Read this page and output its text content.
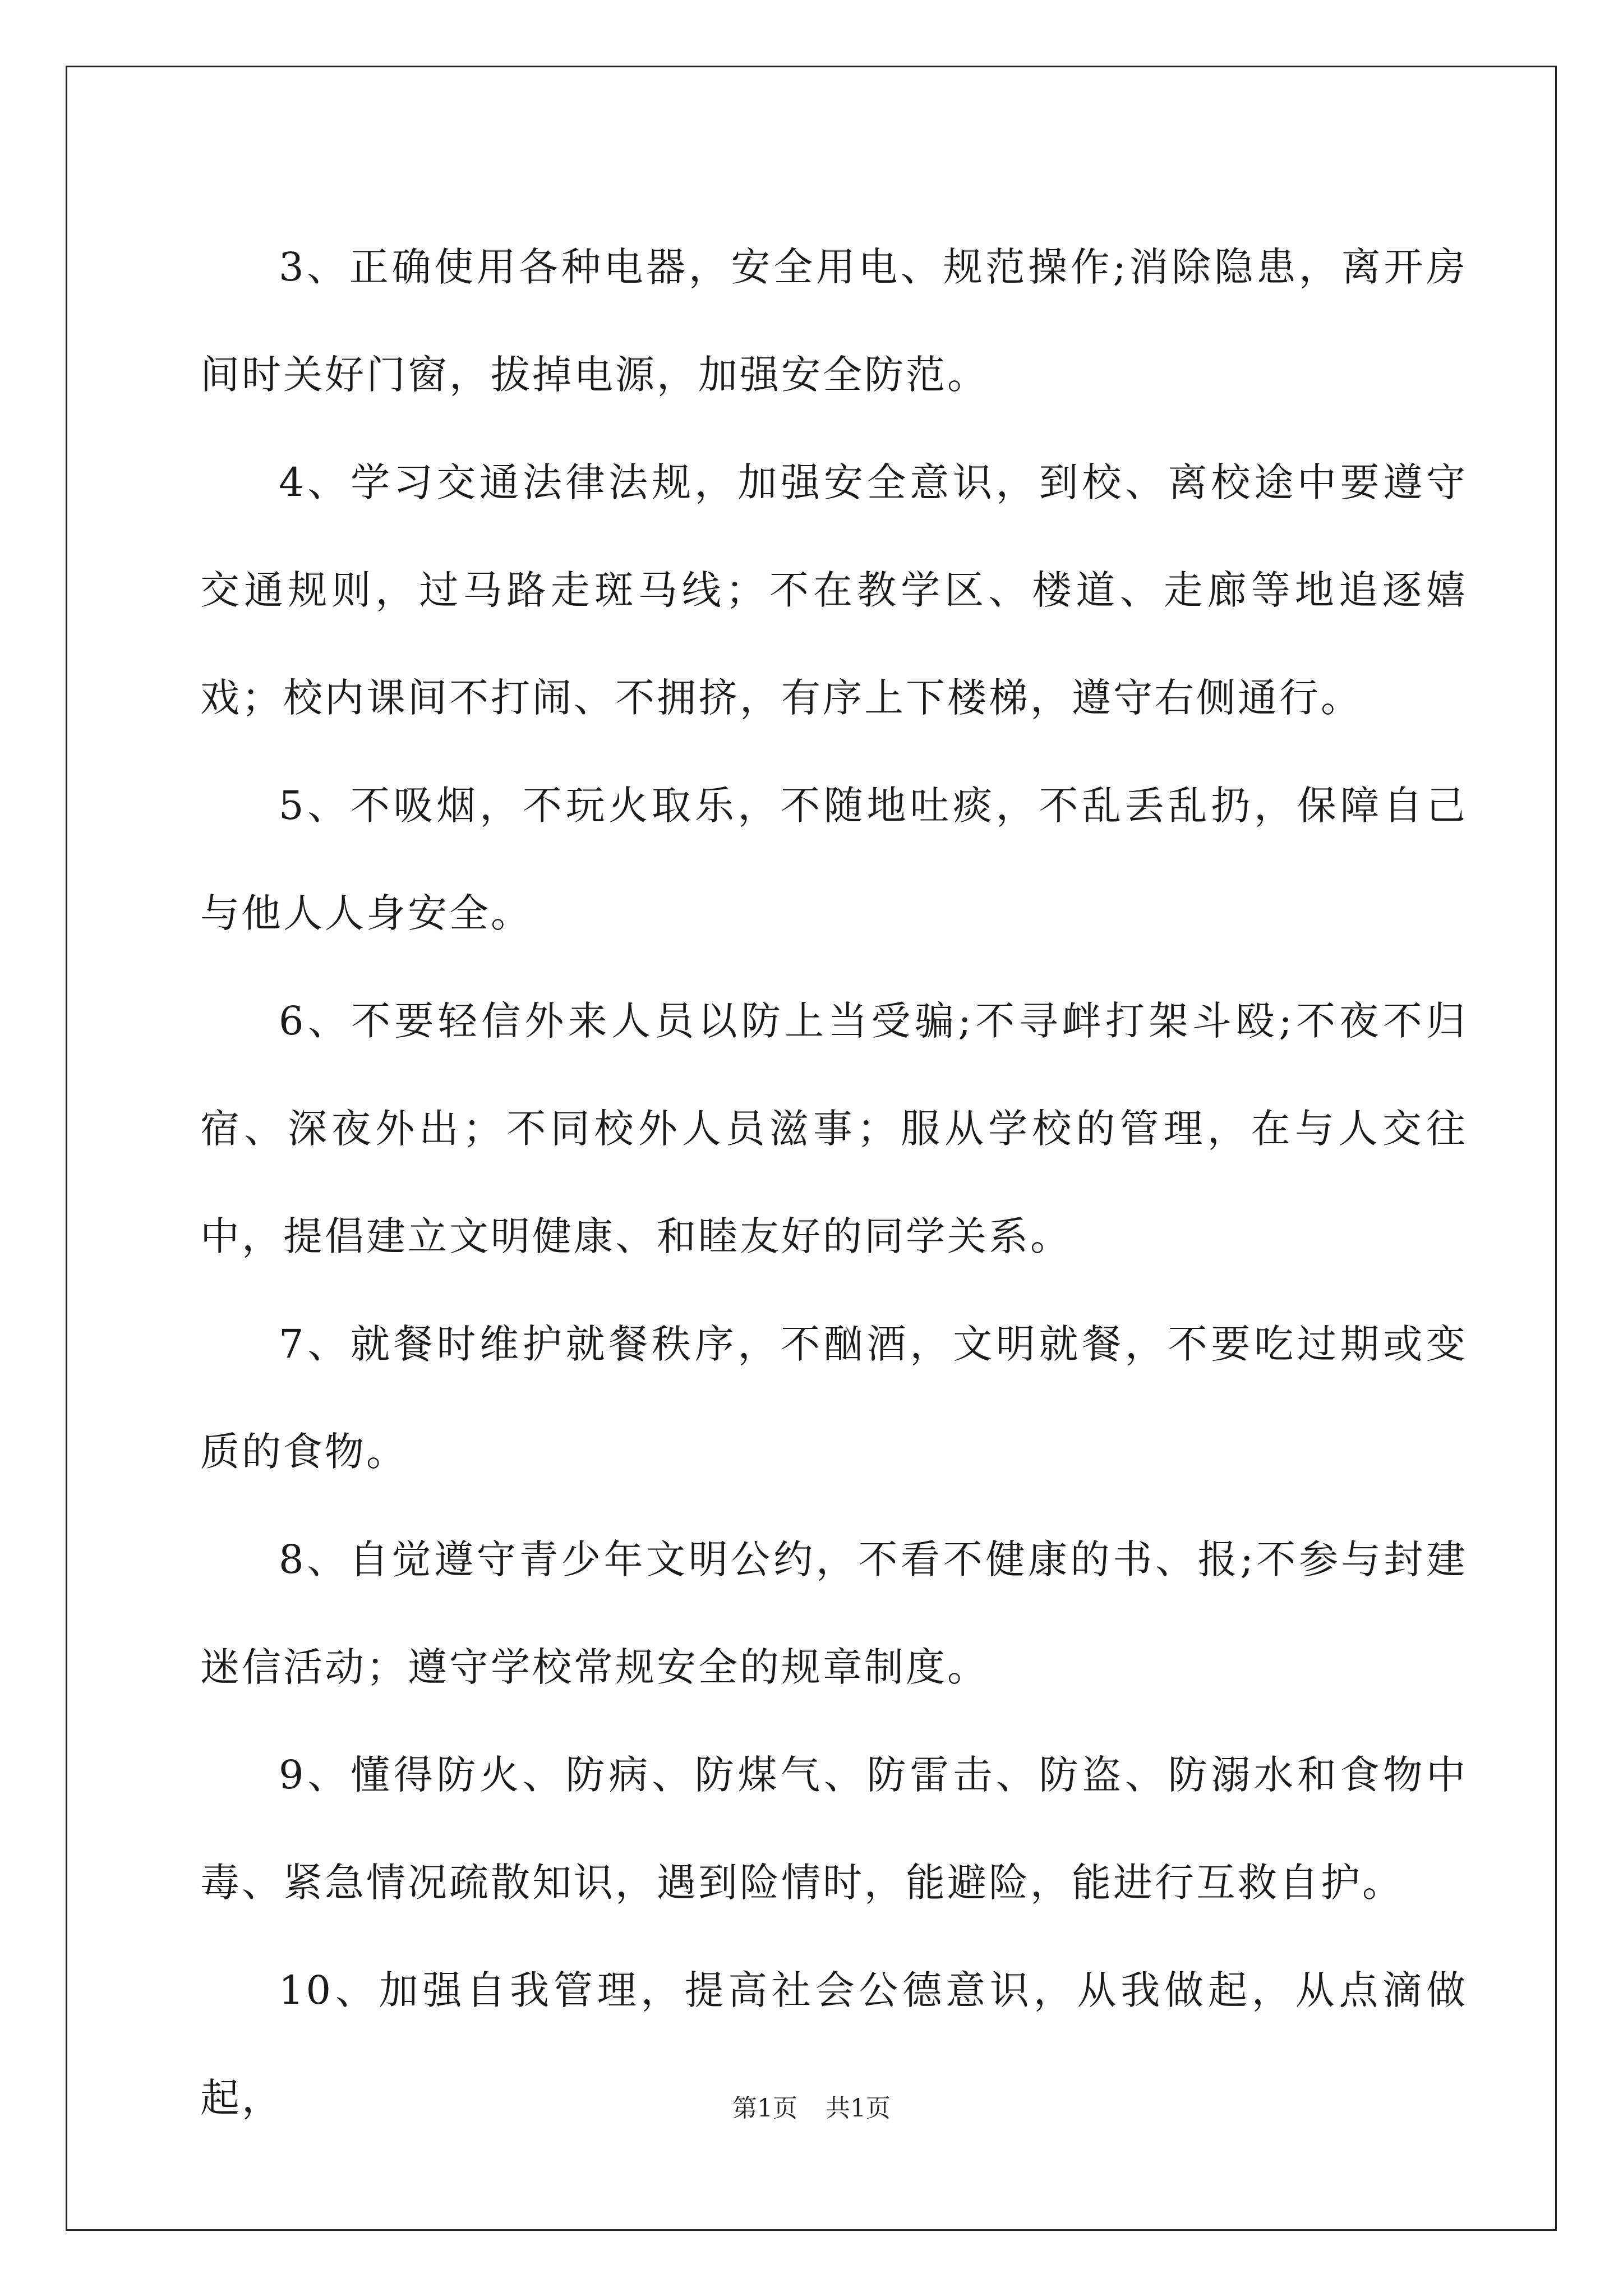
3、正确使用各种电器，安全用电、规范操作;消除隐患，离开房间时关好门窗，拔掉电源，加强安全防范。

4、学习交通法律法规，加强安全意识，到校、离校途中要遵守交通规则，过马路走斑马线；不在教学区、楼道、走廊等地追逐嬉戏；校内课间不打闹、不拥挤，有序上下楼梯，遵守右侧通行。

5、不吸烟，不玩火取乐，不随地吐痰，不乱丢乱扔，保障自己与他人人身安全。

6、不要轻信外来人员以防上当受骗;不寻衅打架斗殴;不夜不归宿、深夜外出；不同校外人员滋事；服从学校的管理，在与人交往中，提倡建立文明健康、和睦友好的同学关系。

7、就餐时维护就餐秩序，不酗酒，文明就餐，不要吃过期或变质的食物。

8、自觉遵守青少年文明公约，不看不健康的书、报;不参与封建迷信活动；遵守学校常规安全的规章制度。

9、懂得防火、防病、防煤气、防雷击、防盗、防溺水和食物中毒、紧急情况疏散知识，遇到险情时，能避险，能进行互救自护。

10、加强自我管理，提高社会公德意识，从我做起，从点滴做起，	第1页 共1页
